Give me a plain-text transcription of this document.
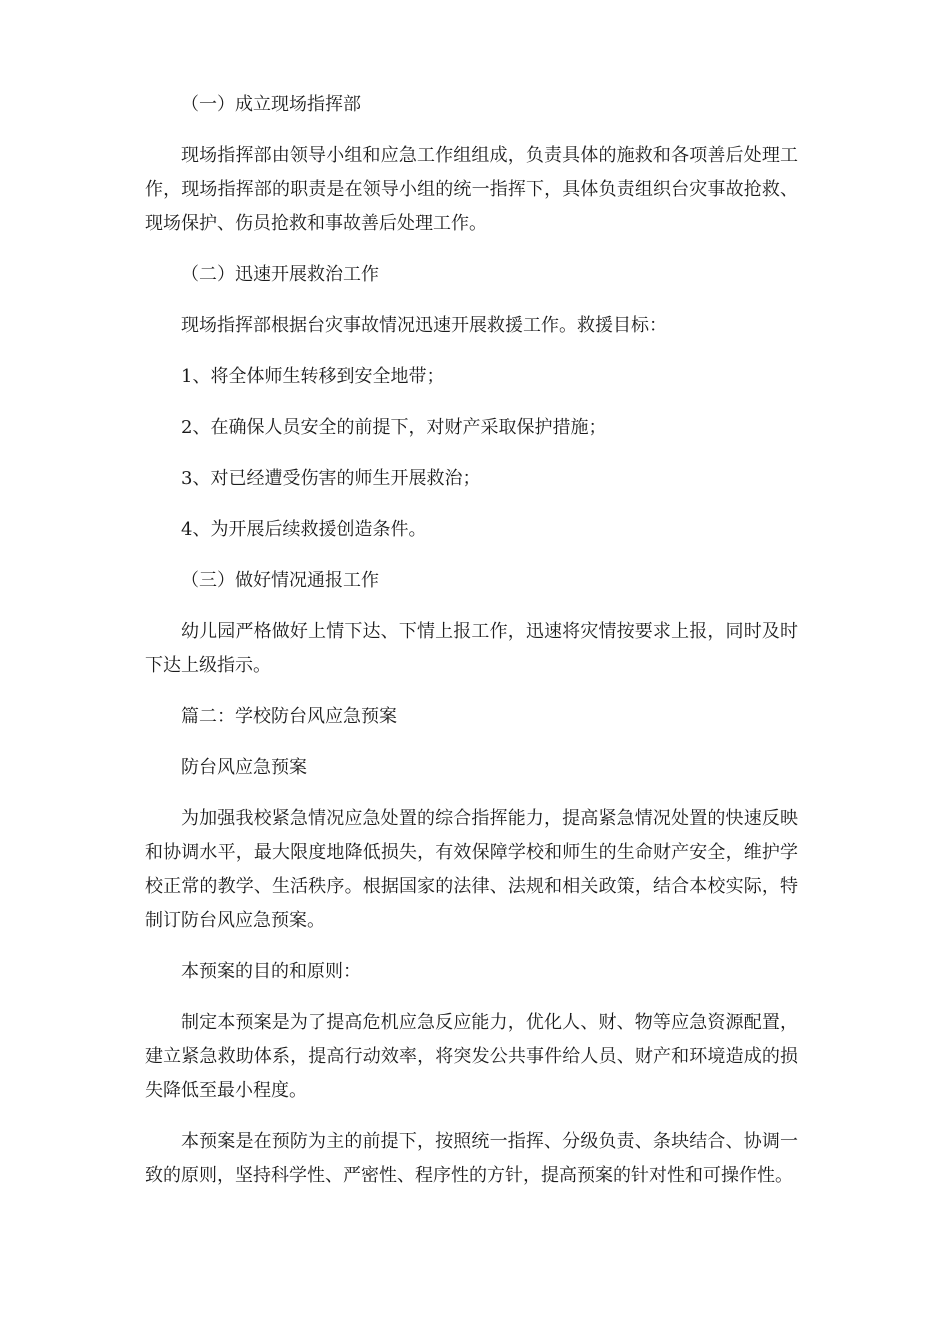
（一）成立现场指挥部

现场指挥部由领导小组和应急工作组组成，负责具体的施救和各项善后处理工作，现场指挥部的职责是在领导小组的统一指挥下，具体负责组织台灾事故抢救、现场保护、伤员抢救和事故善后处理工作。

（二）迅速开展救治工作

现场指挥部根据台灾事故情况迅速开展救援工作。救援目标：

1、将全体师生转移到安全地带；

2、在确保人员安全的前提下，对财产采取保护措施；

3、对已经遭受伤害的师生开展救治；

4、为开展后续救援创造条件。

（三）做好情况通报工作

幼儿园严格做好上情下达、下情上报工作，迅速将灾情按要求上报，同时及时下达上级指示。

篇二：学校防台风应急预案

防台风应急预案

为加强我校紧急情况应急处置的综合指挥能力，提高紧急情况处置的快速反映和协调水平，最大限度地降低损失，有效保障学校和师生的生命财产安全，维护学校正常的教学、生活秩序。根据国家的法律、法规和相关政策，结合本校实际，特制订防台风应急预案。

本预案的目的和原则：

制定本预案是为了提高危机应急反应能力，优化人、财、物等应急资源配置，建立紧急救助体系，提高行动效率，将突发公共事件给人员、财产和环境造成的损失降低至最小程度。

本预案是在预防为主的前提下，按照统一指挥、分级负责、条块结合、协调一致的原则，坚持科学性、严密性、程序性的方针，提高预案的针对性和可操作性。
